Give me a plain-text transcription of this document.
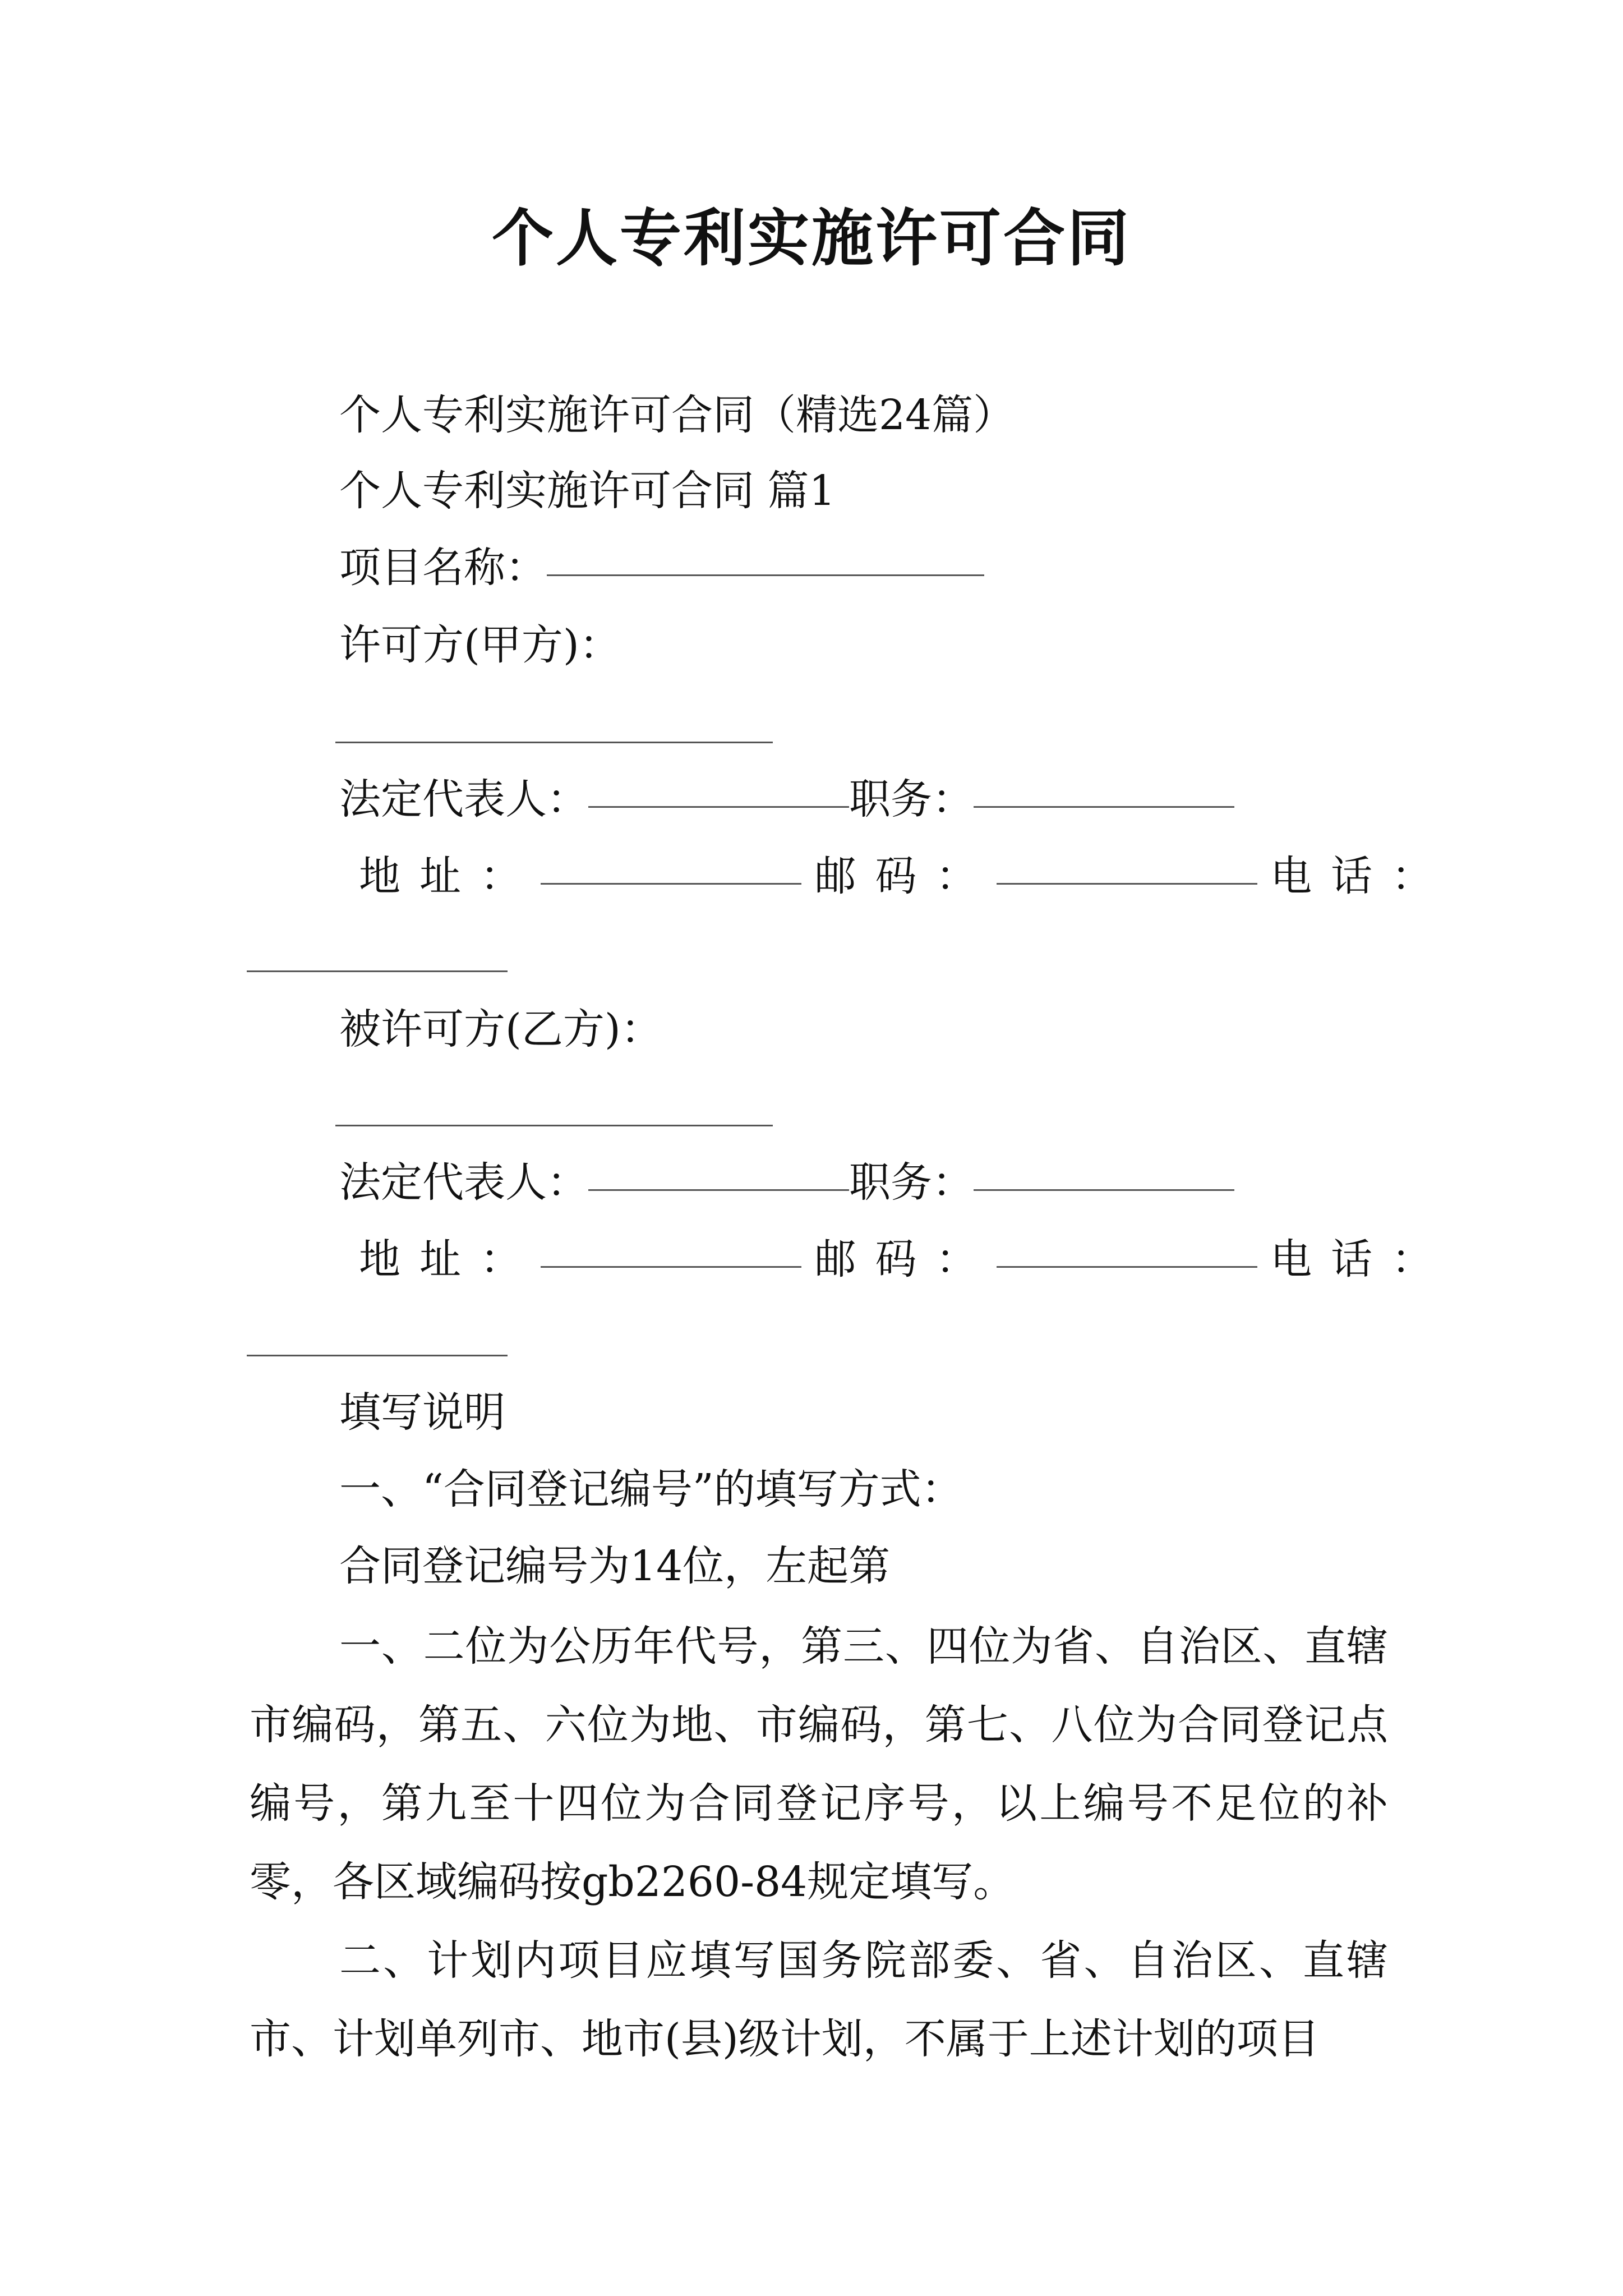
个人专利实施许可合同
个人专利实施许可合同（精选24篇）
个人专利实施许可合同 篇1
项目名称：
许可方(甲方)：
法定代表人：	职务：
地址：	邮码：	电话：
被许可方(乙方)：
法定代表人：	职务：
地址：	邮码：	电话：
填写说明
一、“合同登记编号”的填写方式：
合同登记编号为14位，左起第
一、二位为公历年代号，第三、四位为省、自治区、直辖市编码，第五、六位为地、市编码，第七、八位为合同登记点编号，第九至十四位为合同登记序号，以上编号不足位的补零，各区域编码按gb2260-84规定填写。
二、计划内项目应填写国务院部委、省、自治区、直辖市、计划单列市、地市(县)级计划，不属于上述计划的项目
